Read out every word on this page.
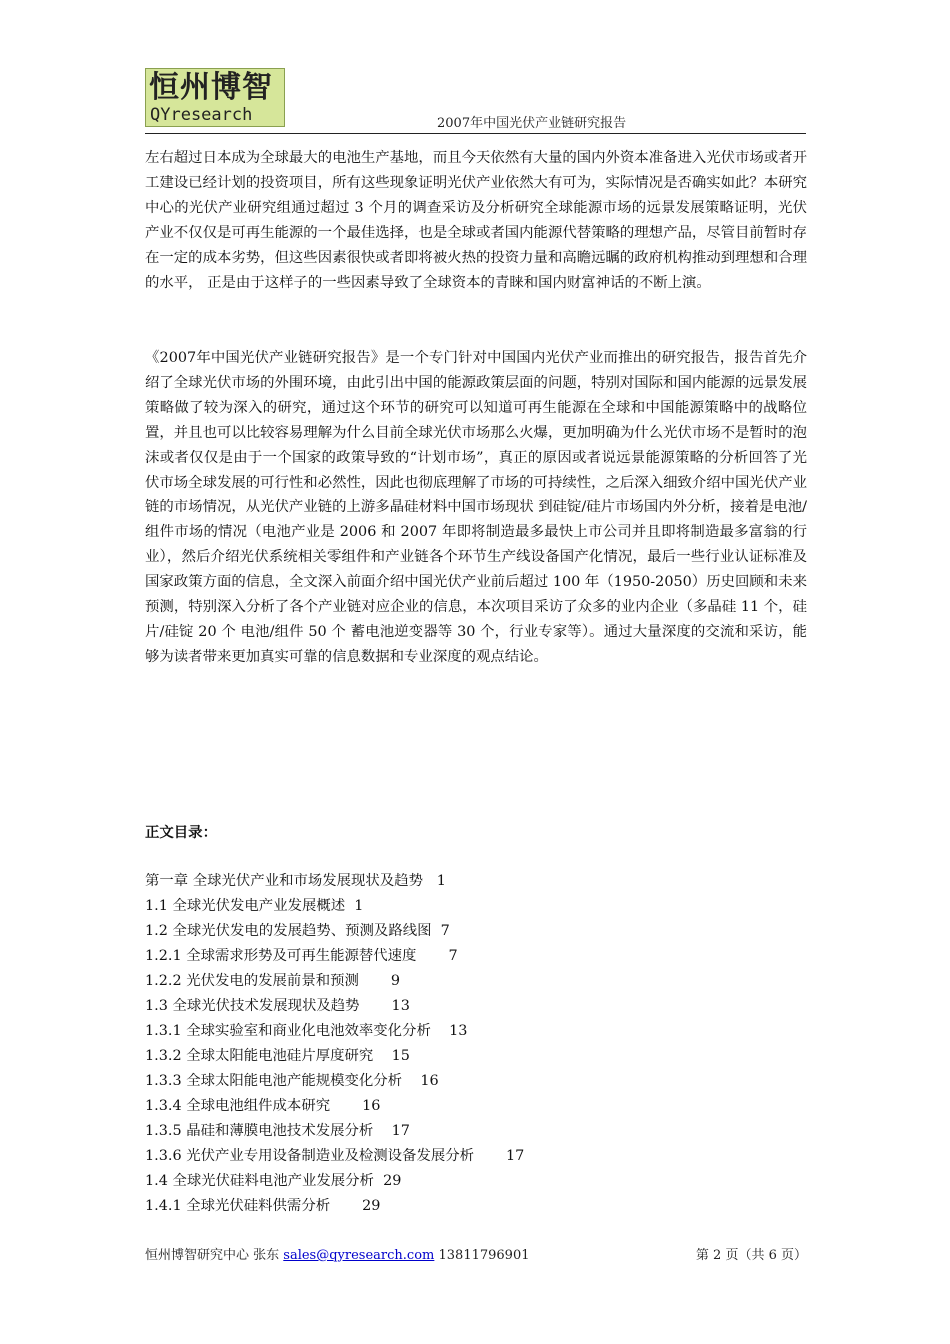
恒州博智
QYresearch	2007年中国光伏产业链研究报告

左右超过日本成为全球最大的电池生产基地，而且今天依然有大量的国内外资本准备进入光伏市场或者开工建设已经计划的投资项目，所有这些现象证明光伏产业依然大有可为，实际情况是否确实如此？本研究中心的光伏产业研究组通过超过 3 个月的调查采访及分析研究全球能源市场的远景发展策略证明，光伏产业不仅仅是可再生能源的一个最佳选择，也是全球或者国内能源代替策略的理想产品，尽管目前暂时存在一定的成本劣势，但这些因素很快或者即将被火热的投资力量和高瞻远瞩的政府机构推动到理想和合理的水平， 正是由于这样子的一些因素导致了全球资本的青睐和国内财富神话的不断上演。

《2007年中国光伏产业链研究报告》是一个专门针对中国国内光伏产业而推出的研究报告，报告首先介绍了全球光伏市场的外围环境，由此引出中国的能源政策层面的问题，特别对国际和国内能源的远景发展策略做了较为深入的研究，通过这个环节的研究可以知道可再生能源在全球和中国能源策略中的战略位置，并且也可以比较容易理解为什么目前全球光伏市场那么火爆，更加明确为什么光伏市场不是暂时的泡沫或者仅仅是由于一个国家的政策导致的“计划市场”，真正的原因或者说远景能源策略的分析回答了光伏市场全球发展的可行性和必然性，因此也彻底理解了市场的可持续性，之后深入细致介绍中国光伏产业链的市场情况，从光伏产业链的上游多晶硅材料中国市场现状 到硅锭/硅片市场国内外分析，接着是电池/组件市场的情况（电池产业是 2006 和 2007 年即将制造最多最快上市公司并且即将制造最多富翁的行业），然后介绍光伏系统相关零组件和产业链各个环节生产线设备国产化情况，最后一些行业认证标准及国家政策方面的信息，全文深入前面介绍中国光伏产业前后超过 100 年（1950-2050）历史回顾和未来预测，特别深入分析了各个产业链对应企业的信息，本次项目采访了众多的业内企业（多晶硅 11 个，硅片/硅锭 20 个 电池/组件 50 个 蓄电池逆变器等 30 个，行业专家等）。通过大量深度的交流和采访，能够为读者带来更加真实可靠的信息数据和专业深度的观点结论。

正文目录：
第一章 全球光伏产业和市场发展现状及趋势   1
1.1 全球光伏发电产业发展概述  1
1.2 全球光伏发电的发展趋势、预测及路线图  7
1.2.1 全球需求形势及可再生能源替代速度       7
1.2.2 光伏发电的发展前景和预测       9
1.3 全球光伏技术发展现状及趋势       13
1.3.1 全球实验室和商业化电池效率变化分析    13
1.3.2 全球太阳能电池硅片厚度研究    15
1.3.3 全球太阳能电池产能规模变化分析    16
1.3.4 全球电池组件成本研究       16
1.3.5 晶硅和薄膜电池技术发展分析    17
1.3.6 光伏产业专用设备制造业及检测设备发展分析       17
1.4 全球光伏硅料电池产业发展分析  29
1.4.1 全球光伏硅料供需分析       29
恒州博智研究中心 张东 sales@qyresearch.com 13811796901	第 2 页（共 6 页）
